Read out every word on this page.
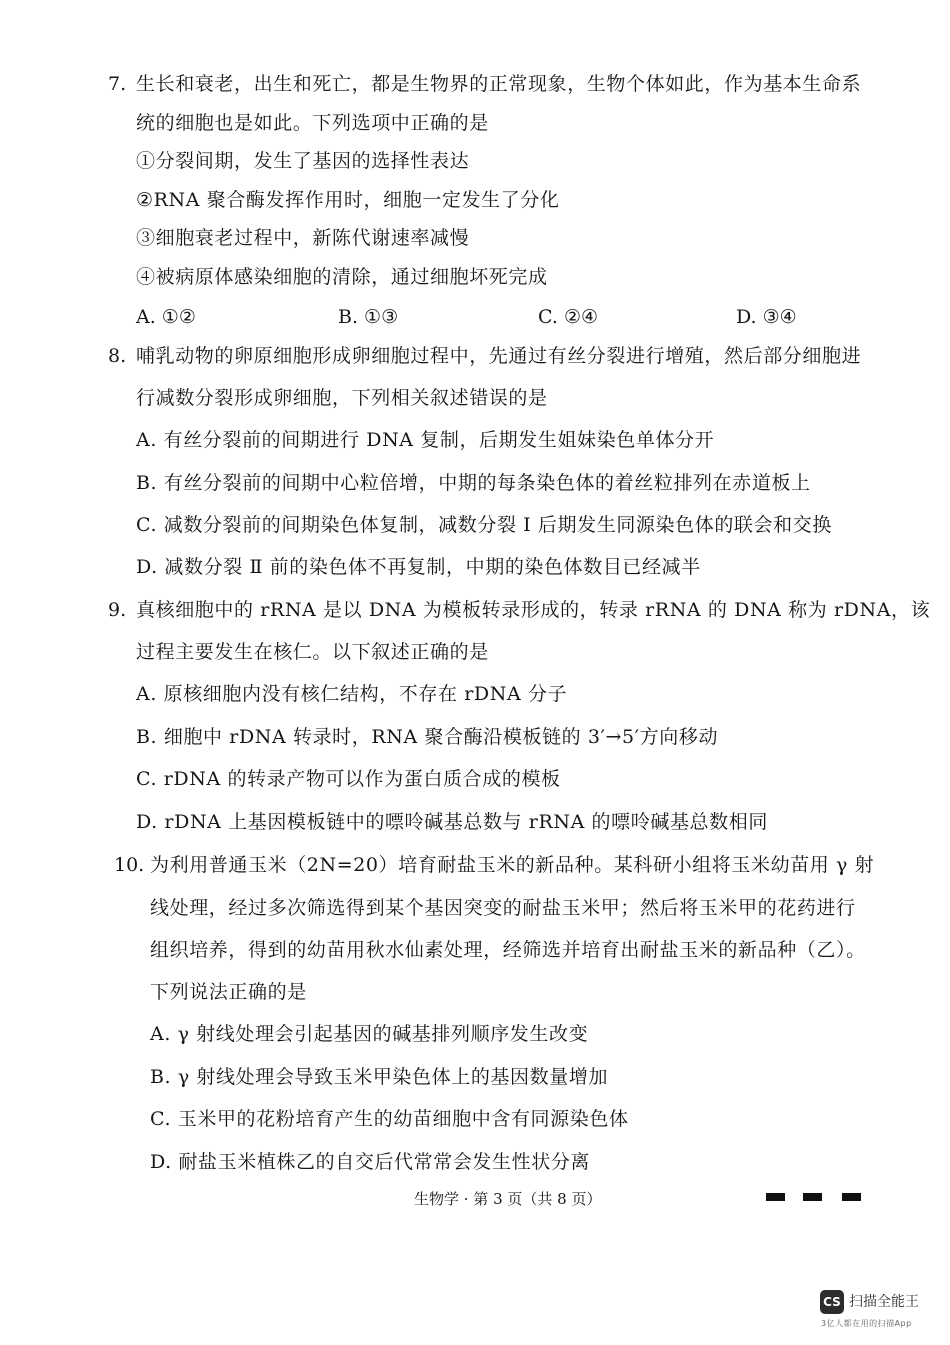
7. 生长和衰老，出生和死亡，都是生物界的正常现象，生物个体如此，作为基本生命系
统的细胞也是如此。下列选项中正确的是
①分裂间期，发生了基因的选择性表达
②RNA 聚合酶发挥作用时，细胞一定发生了分化
③细胞衰老过程中，新陈代谢速率减慢
④被病原体感染细胞的清除，通过细胞坏死完成
A. ①②	B. ①③	C. ②④	D. ③④
8. 哺乳动物的卵原细胞形成卵细胞过程中，先通过有丝分裂进行增殖，然后部分细胞进
行减数分裂形成卵细胞，下列相关叙述错误的是
A. 有丝分裂前的间期进行 DNA 复制，后期发生姐妹染色单体分开
B. 有丝分裂前的间期中心粒倍增，中期的每条染色体的着丝粒排列在赤道板上
C. 减数分裂前的间期染色体复制，减数分裂 Ⅰ 后期发生同源染色体的联会和交换
D. 减数分裂 Ⅱ 前的染色体不再复制，中期的染色体数目已经减半
9. 真核细胞中的 rRNA 是以 DNA 为模板转录形成的，转录 rRNA 的 DNA 称为 rDNA，该
过程主要发生在核仁。以下叙述正确的是
A. 原核细胞内没有核仁结构，不存在 rDNA 分子
B. 细胞中 rDNA 转录时，RNA 聚合酶沿模板链的 3′→5′方向移动
C. rDNA 的转录产物可以作为蛋白质合成的模板
D. rDNA 上基因模板链中的嘌呤碱基总数与 rRNA 的嘌呤碱基总数相同
10. 为利用普通玉米（2N=20）培育耐盐玉米的新品种。某科研小组将玉米幼苗用 γ 射
线处理，经过多次筛选得到某个基因突变的耐盐玉米甲；然后将玉米甲的花药进行
组织培养，得到的幼苗用秋水仙素处理，经筛选并培育出耐盐玉米的新品种（乙）。
下列说法正确的是
A. γ 射线处理会引起基因的碱基排列顺序发生改变
B. γ 射线处理会导致玉米甲染色体上的基因数量增加
C. 玉米甲的花粉培育产生的幼苗细胞中含有同源染色体
D. 耐盐玉米植株乙的自交后代常常会发生性状分离
生物学 · 第 3 页（共 8 页）
CS 扫描全能王
3亿人都在用的扫描App
